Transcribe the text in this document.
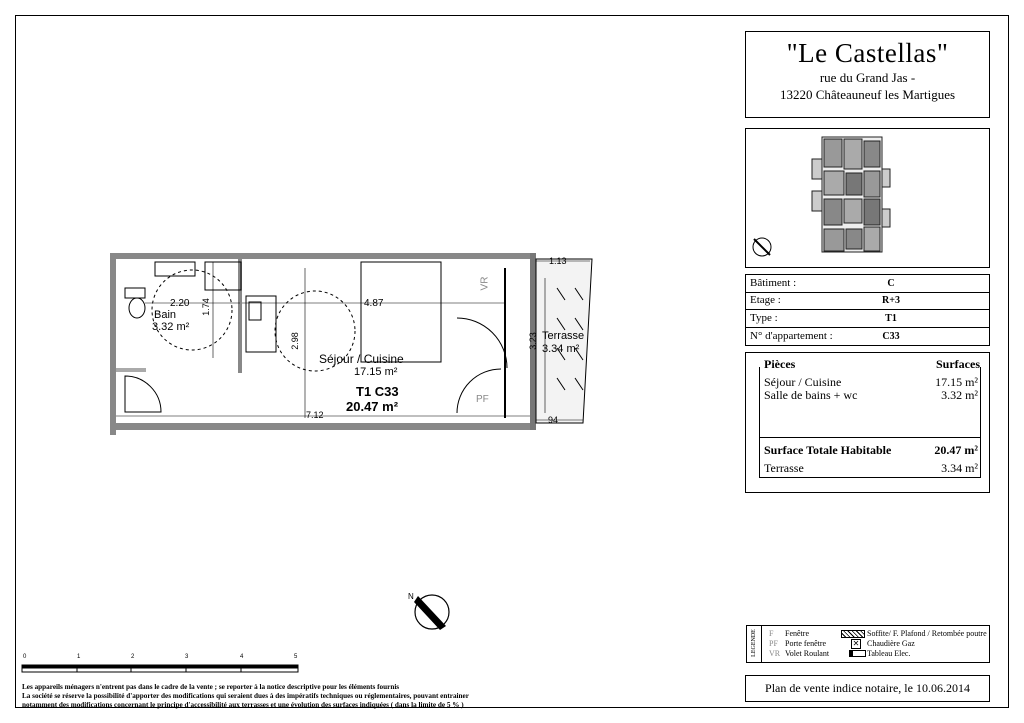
"Le Castellas"
rue du Grand Jas -
13220 Châteauneuf les Martigues
Bâtiment :	C
Etage :	R+3
Type :	T1
N° d'appartement :	C33
Pièces	Surfaces
Séjour / Cuisine	17.15 m²
Salle de bains + wc	3.32 m²
Surface Totale Habitable	20.47 m²
Terrasse	3.34 m²
LEGENDE F Fenêtre
PF Porte fenêtre
VR Volet Roulant
Soffite/ F. Plafond / Retombée poutre
✕ Chaudière Gaz
Tableau Elec.
Plan de vente indice notaire, le 10.06.2014
Les appareils ménagers n'entrent pas dans le cadre de la vente ; se reporter à la notice descriptive pour les éléments fournis
La société se réserve la possibilité d'apporter des modifications qui seraient dues à des impératifs techniques ou réglementaires, pouvant entrainer
notamment des modifications concernant le principe d'accessibilité aux terrasses et une évolution des surfaces indiquées ( dans la limite de 5 % )
0	1	2	3	4	5
N
2.20 1.74
Bain
3.32 m²
4.87
2.98
Séjour / Cuisine
17.15 m²
T1 C33
20.47 m²
7.12
VR
PF
1.13
3.23 Terrasse
3.34 m²
94
